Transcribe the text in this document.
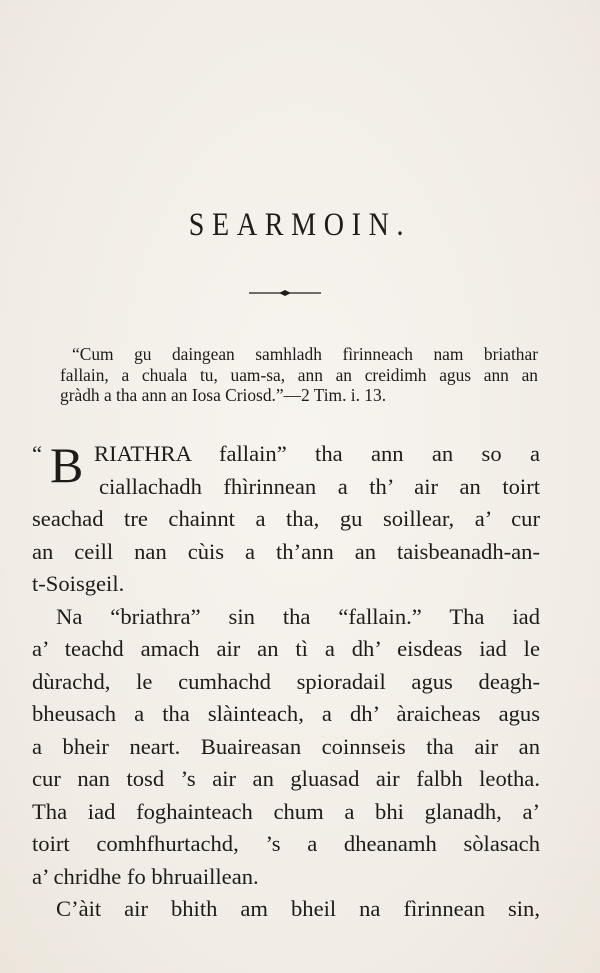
SEARMOIN.
“Cum gu daingean samhladh fìrinneach nam briathar
fallain, a chuala tu, uam-sa, ann an creidimh agus ann an
gràdh a tha ann an Iosa Criosd.”—2 Tim. i. 13.
“ B RIATHRA fallain” tha ann an so a
ciallachadh fhìrinnean a th’ air an toirt
seachad tre chainnt a tha, gu soillear, a’ cur
an ceill nan cùis a th’ann an taisbeanadh-an-
t-Soisgeil.
Na “briathra” sin tha “fallain.” Tha iad
a’ teachd amach air an tì a dh’ eisdeas iad le
dùrachd, le cumhachd spioradail agus deagh-
bheusach a tha slàinteach, a dh’ àraicheas agus
a bheir neart. Buaireasan coinnseis tha air an
cur nan tosd ’s air an gluasad air falbh leotha.
Tha iad foghainteach chum a bhi glanadh, a’
toirt comhfhurtachd, ’s a dheanamh sòlasach
a’ chridhe fo bhruaillean.
C’àit air bhith am bheil na fìrinnean sin,
